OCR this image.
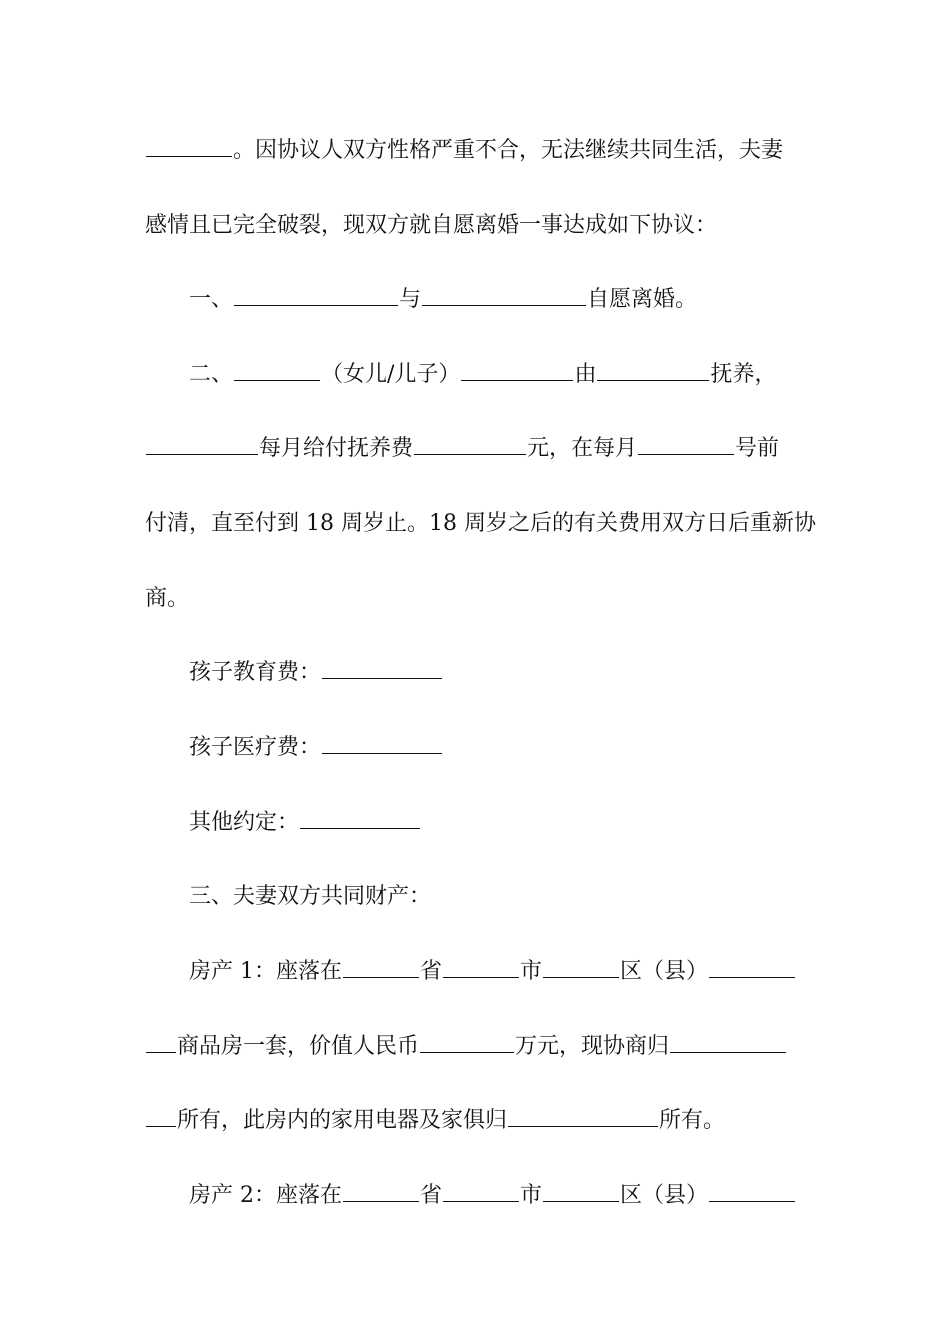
。因协议人双方性格严重不合，无法继续共同生活，夫妻
感情且已完全破裂，现双方就自愿离婚一事达成如下协议：
一、	与	自愿离婚。
二、	（女儿/儿子）	由	抚养，
每月给付抚养费	元，在每月	号前
付清，直至付到 18 周岁止。18 周岁之后的有关费用双方日后重新协
商。
孩子教育费：
孩子医疗费：
其他约定：
三、夫妻双方共同财产：
房产 1：座落在	省	市	区（县）
商品房一套，价值人民币	万元，现协商归
所有，此房内的家用电器及家俱归	所有。
房产 2：座落在	省	市	区（县）
